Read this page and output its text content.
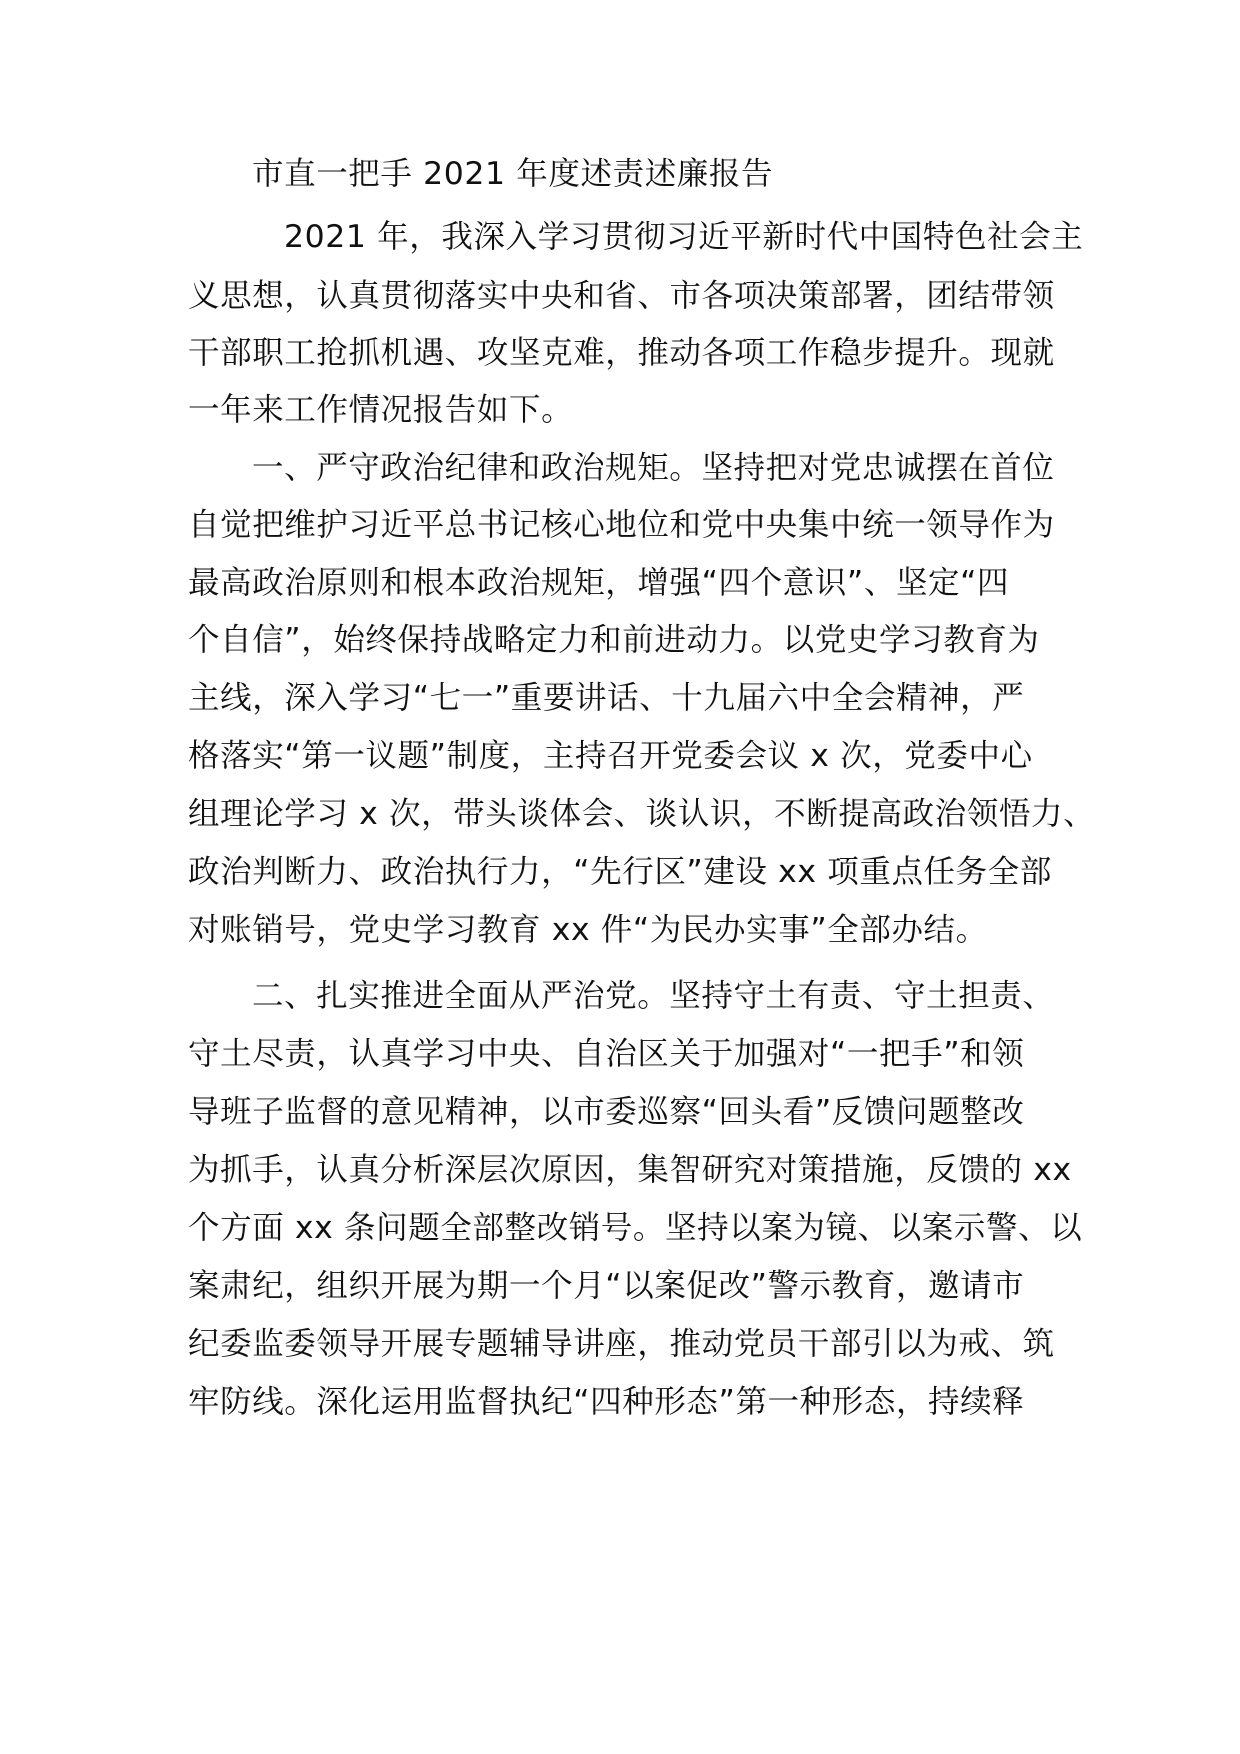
市直一把手 2021 年度述责述廉报告
2021 年，我深入学习贯彻习近平新时代中国特色社会主
义思想，认真贯彻落实中央和省、市各项决策部署，团结带领
干部职工抢抓机遇、攻坚克难，推动各项工作稳步提升。现就
一年来工作情况报告如下。
一、严守政治纪律和政治规矩。坚持把对党忠诚摆在首位
自觉把维护习近平总书记核心地位和党中央集中统一领导作为
最高政治原则和根本政治规矩，增强“四个意识”、坚定“四
个自信”，始终保持战略定力和前进动力。以党史学习教育为
主线，深入学习“七一”重要讲话、十九届六中全会精神，严
格落实“第一议题”制度，主持召开党委会议 x 次，党委中心
组理论学习 x 次，带头谈体会、谈认识，不断提高政治领悟力、
政治判断力、政治执行力，“先行区”建设 xx 项重点任务全部
对账销号，党史学习教育 xx 件“为民办实事”全部办结。
二、扎实推进全面从严治党。坚持守土有责、守土担责、
守土尽责，认真学习中央、自治区关于加强对“一把手”和领
导班子监督的意见精神，以市委巡察“回头看”反馈问题整改
为抓手，认真分析深层次原因，集智研究对策措施，反馈的 xx
个方面 xx 条问题全部整改销号。坚持以案为镜、以案示警、以
案肃纪，组织开展为期一个月“以案促改”警示教育，邀请市
纪委监委领导开展专题辅导讲座，推动党员干部引以为戒、筑
牢防线。深化运用监督执纪“四种形态”第一种形态，持续释
